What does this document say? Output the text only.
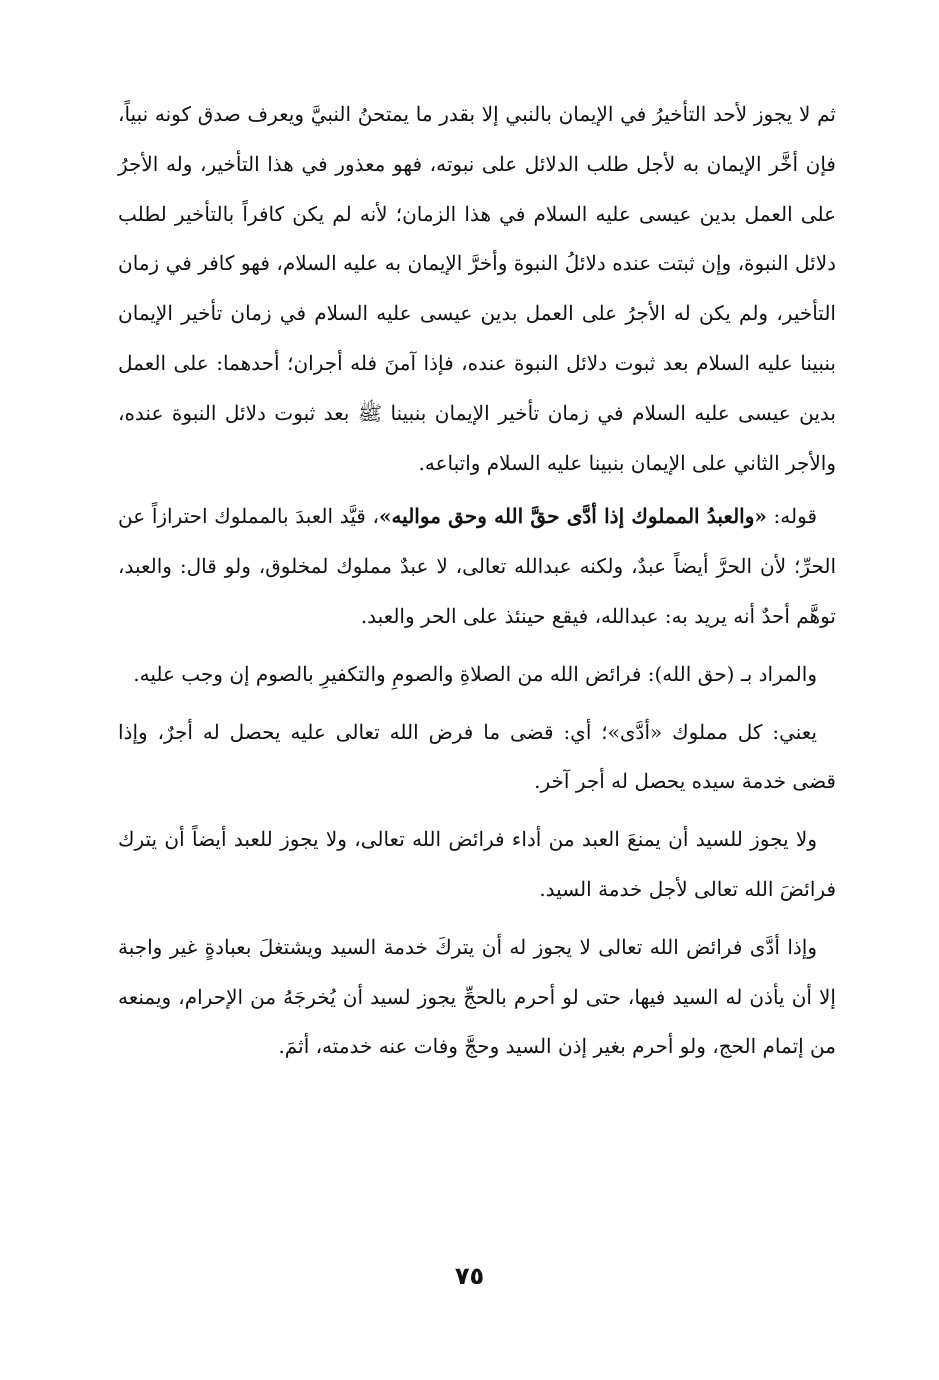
ثم لا يجوز لأحد التأخيرُ في الإيمان بالنبي إلا بقدر ما يمتحنُ النبيَّ ويعرف صدق كونه نبياً، فإن أخَّر الإيمان به لأجل طلب الدلائل على نبوته، فهو معذور في هذا التأخير، وله الأجرُ على العمل بدين عيسى عليه السلام في هذا الزمان؛ لأنه لم يكن كافراً بالتأخير لطلب دلائل النبوة، وإن ثبتت عنده دلائلُ النبوة وأخرَّ الإيمان به عليه السلام، فهو كافر في زمان التأخير، ولم يكن له الأجرُ على العمل بدين عيسى عليه السلام في زمان تأخير الإيمان بنبينا عليه السلام بعد ثبوت دلائل النبوة عنده، فإذا آمنَ فله أجران؛ أحدهما: على العمل بدين عيسى عليه السلام في زمان تأخير الإيمان بنبينا ﷺ بعد ثبوت دلائل النبوة عنده، والأجر الثاني على الإيمان بنبينا عليه السلام واتباعه.

قوله: «والعبدُ المملوك إذا أدَّى حقَّ الله وحق مواليه»، قيَّد العبدَ بالمملوك احترازاً عن الحرِّ؛ لأن الحرَّ أيضاً عبدٌ، ولكنه عبدالله تعالى، لا عبدٌ مملوك لمخلوق، ولو قال: والعبد، توهَّم أحدٌ أنه يريد به: عبدالله، فيقع حينئذ على الحر والعبد.

والمراد بـ (حق الله): فرائض الله من الصلاةِ والصومِ والتكفيرِ بالصوم إن وجب عليه.

يعني: كل مملوك «أدَّى»؛ أي: قضى ما فرض الله تعالى عليه يحصل له أجرٌ، وإذا قضى خدمة سيده يحصل له أجر آخر.

ولا يجوز للسيد أن يمنعَ العبد من أداء فرائض الله تعالى، ولا يجوز للعبد أيضاً أن يترك فرائضَ الله تعالى لأجل خدمة السيد.

وإذا أدَّى فرائض الله تعالى لا يجوز له أن يتركَ خدمة السيد ويشتغلَ بعبادةٍ غير واجبة إلا أن يأذن له السيد فيها، حتى لو أحرم بالحجِّ يجوز لسيد أن يُخرجَهُ من الإحرام، ويمنعه من إتمام الحج، ولو أحرم بغير إذن السيد وحجَّ وفات عنه خدمته، أثمَ.

٧٥
